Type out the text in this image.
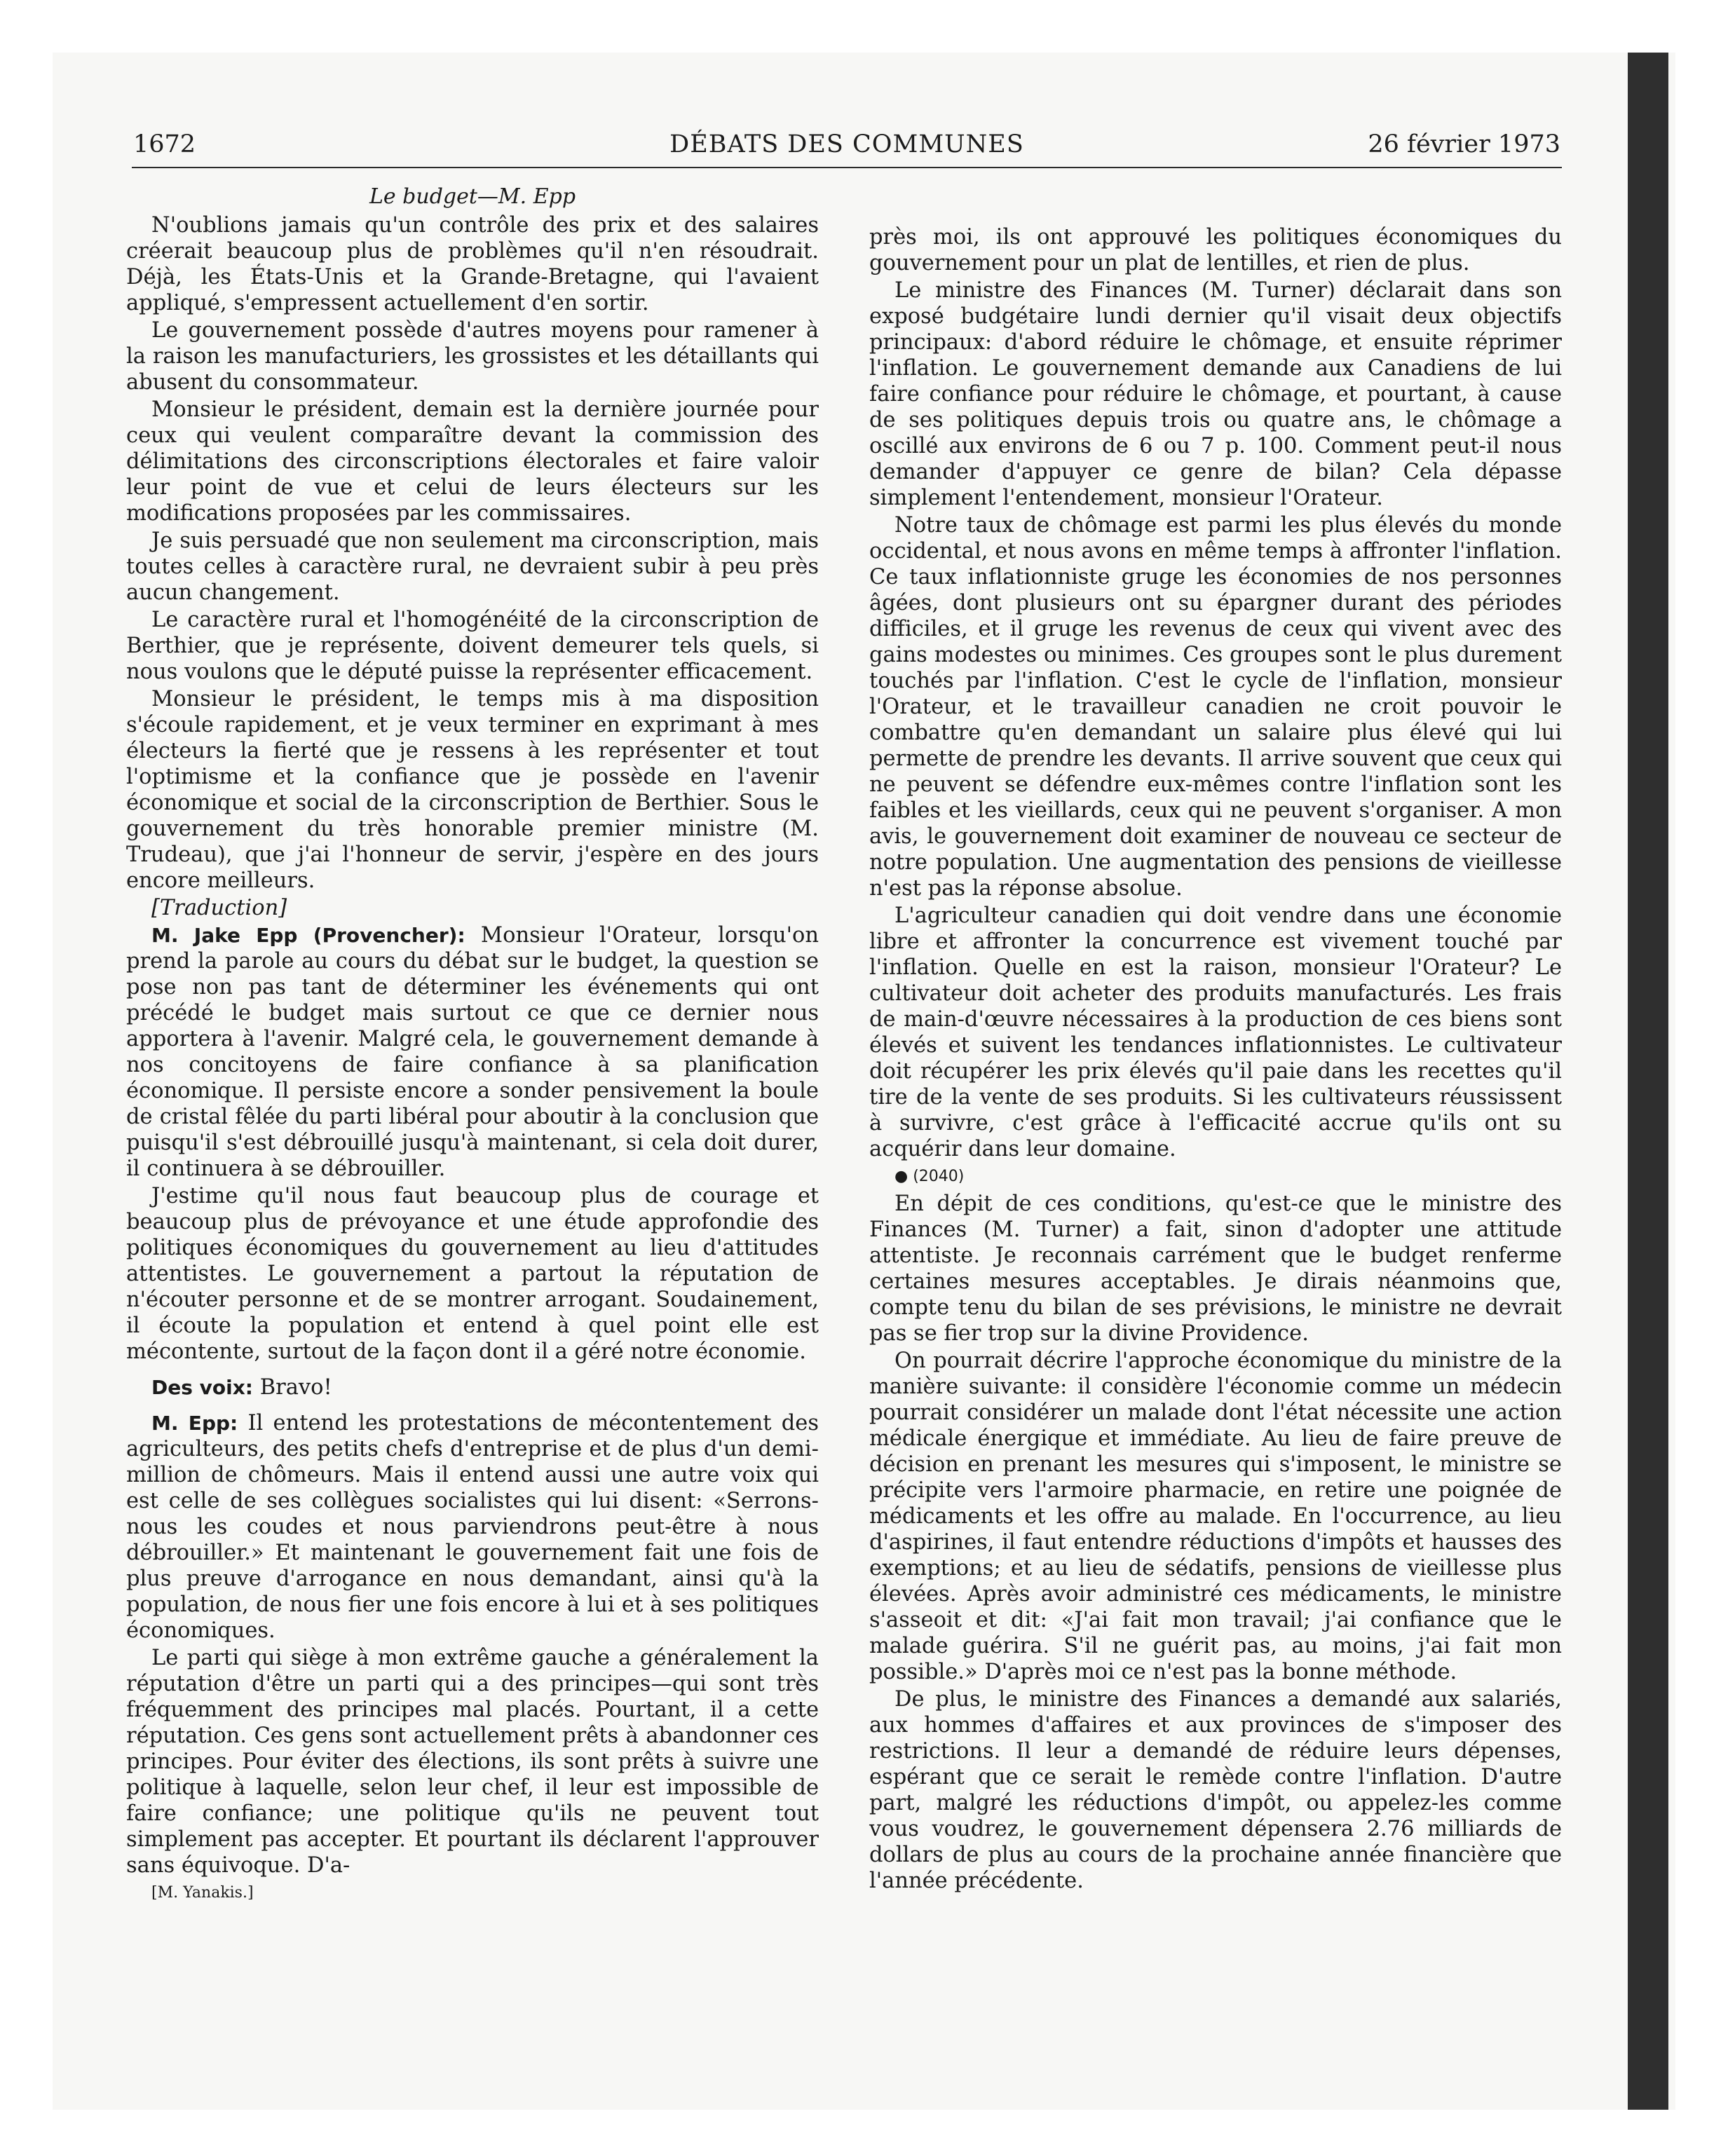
1672	DÉBATS DES COMMUNES	26 février 1973
Le budget—M. Epp

N'oublions jamais qu'un contrôle des prix et des salaires créerait beaucoup plus de problèmes qu'il n'en résoudrait. Déjà, les États-Unis et la Grande-Bretagne, qui l'avaient appliqué, s'empressent actuellement d'en sortir.

Le gouvernement possède d'autres moyens pour ramener à la raison les manufacturiers, les grossistes et les détaillants qui abusent du consommateur.

Monsieur le président, demain est la dernière journée pour ceux qui veulent comparaître devant la commission des délimitations des circonscriptions électorales et faire valoir leur point de vue et celui de leurs électeurs sur les modifications proposées par les commissaires.

Je suis persuadé que non seulement ma circonscription, mais toutes celles à caractère rural, ne devraient subir à peu près aucun changement.

Le caractère rural et l'homogénéité de la circonscription de Berthier, que je représente, doivent demeurer tels quels, si nous voulons que le député puisse la représenter efficacement.

Monsieur le président, le temps mis à ma disposition s'écoule rapidement, et je veux terminer en exprimant à mes électeurs la fierté que je ressens à les représenter et tout l'optimisme et la confiance que je possède en l'avenir économique et social de la circonscription de Berthier. Sous le gouvernement du très honorable premier ministre (M. Trudeau), que j'ai l'honneur de servir, j'espère en des jours encore meilleurs.

[Traduction]

M. Jake Epp (Provencher): Monsieur l'Orateur, lorsqu'on prend la parole au cours du débat sur le budget, la question se pose non pas tant de déterminer les événements qui ont précédé le budget mais surtout ce que ce dernier nous apportera à l'avenir. Malgré cela, le gouvernement demande à nos concitoyens de faire confiance à sa planification économique. Il persiste encore a sonder pensivement la boule de cristal fêlée du parti libéral pour aboutir à la conclusion que puisqu'il s'est débrouillé jusqu'à maintenant, si cela doit durer, il continuera à se débrouiller.

J'estime qu'il nous faut beaucoup plus de courage et beaucoup plus de prévoyance et une étude approfondie des politiques économiques du gouvernement au lieu d'attitudes attentistes. Le gouvernement a partout la réputation de n'écouter personne et de se montrer arrogant. Soudainement, il écoute la population et entend à quel point elle est mécontente, surtout de la façon dont il a géré notre économie.

Des voix: Bravo!

M. Epp: Il entend les protestations de mécontentement des agriculteurs, des petits chefs d'entreprise et de plus d'un demi-million de chômeurs. Mais il entend aussi une autre voix qui est celle de ses collègues socialistes qui lui disent: «Serrons-nous les coudes et nous parviendrons peut-être à nous débrouiller.» Et maintenant le gouvernement fait une fois de plus preuve d'arrogance en nous demandant, ainsi qu'à la population, de nous fier une fois encore à lui et à ses politiques économiques.

Le parti qui siège à mon extrême gauche a généralement la réputation d'être un parti qui a des principes—qui sont très fréquemment des principes mal placés. Pourtant, il a cette réputation. Ces gens sont actuellement prêts à abandonner ces principes. Pour éviter des élections, ils sont prêts à suivre une politique à laquelle, selon leur chef, il leur est impossible de faire confiance; une politique qu'ils ne peuvent tout simplement pas accepter. Et pourtant ils déclarent l'approuver sans équivoque. D'a-

[M. Yanakis.]

près moi, ils ont approuvé les politiques économiques du gouvernement pour un plat de lentilles, et rien de plus.

Le ministre des Finances (M. Turner) déclarait dans son exposé budgétaire lundi dernier qu'il visait deux objectifs principaux: d'abord réduire le chômage, et ensuite réprimer l'inflation. Le gouvernement demande aux Canadiens de lui faire confiance pour réduire le chômage, et pourtant, à cause de ses politiques depuis trois ou quatre ans, le chômage a oscillé aux environs de 6 ou 7 p. 100. Comment peut-il nous demander d'appuyer ce genre de bilan? Cela dépasse simplement l'entendement, monsieur l'Orateur.

Notre taux de chômage est parmi les plus élevés du monde occidental, et nous avons en même temps à affronter l'inflation. Ce taux inflationniste gruge les économies de nos personnes âgées, dont plusieurs ont su épargner durant des périodes difficiles, et il gruge les revenus de ceux qui vivent avec des gains modestes ou minimes. Ces groupes sont le plus durement touchés par l'inflation. C'est le cycle de l'inflation, monsieur l'Orateur, et le travailleur canadien ne croit pouvoir le combattre qu'en demandant un salaire plus élevé qui lui permette de prendre les devants. Il arrive souvent que ceux qui ne peuvent se défendre eux-mêmes contre l'inflation sont les faibles et les vieillards, ceux qui ne peuvent s'organiser. A mon avis, le gouvernement doit examiner de nouveau ce secteur de notre population. Une augmentation des pensions de vieillesse n'est pas la réponse absolue.

L'agriculteur canadien qui doit vendre dans une économie libre et affronter la concurrence est vivement touché par l'inflation. Quelle en est la raison, monsieur l'Orateur? Le cultivateur doit acheter des produits manufacturés. Les frais de main-d'œuvre nécessaires à la production de ces biens sont élevés et suivent les tendances inflationnistes. Le cultivateur doit récupérer les prix élevés qu'il paie dans les recettes qu'il tire de la vente de ses produits. Si les cultivateurs réussissent à survivre, c'est grâce à l'efficacité accrue qu'ils ont su acquérir dans leur domaine.

● (2040)

En dépit de ces conditions, qu'est-ce que le ministre des Finances (M. Turner) a fait, sinon d'adopter une attitude attentiste. Je reconnais carrément que le budget renferme certaines mesures acceptables. Je dirais néanmoins que, compte tenu du bilan de ses prévisions, le ministre ne devrait pas se fier trop sur la divine Providence.

On pourrait décrire l'approche économique du ministre de la manière suivante: il considère l'économie comme un médecin pourrait considérer un malade dont l'état nécessite une action médicale énergique et immédiate. Au lieu de faire preuve de décision en prenant les mesures qui s'imposent, le ministre se précipite vers l'armoire pharmacie, en retire une poignée de médicaments et les offre au malade. En l'occurrence, au lieu d'aspirines, il faut entendre réductions d'impôts et hausses des exemptions; et au lieu de sédatifs, pensions de vieillesse plus élevées. Après avoir administré ces médicaments, le ministre s'asseoit et dit: «J'ai fait mon travail; j'ai confiance que le malade guérira. S'il ne guérit pas, au moins, j'ai fait mon possible.» D'après moi ce n'est pas la bonne méthode.

De plus, le ministre des Finances a demandé aux salariés, aux hommes d'affaires et aux provinces de s'imposer des restrictions. Il leur a demandé de réduire leurs dépenses, espérant que ce serait le remède contre l'inflation. D'autre part, malgré les réductions d'impôt, ou appelez-les comme vous voudrez, le gouvernement dépensera 2.76 milliards de dollars de plus au cours de la prochaine année financière que l'année précédente.
